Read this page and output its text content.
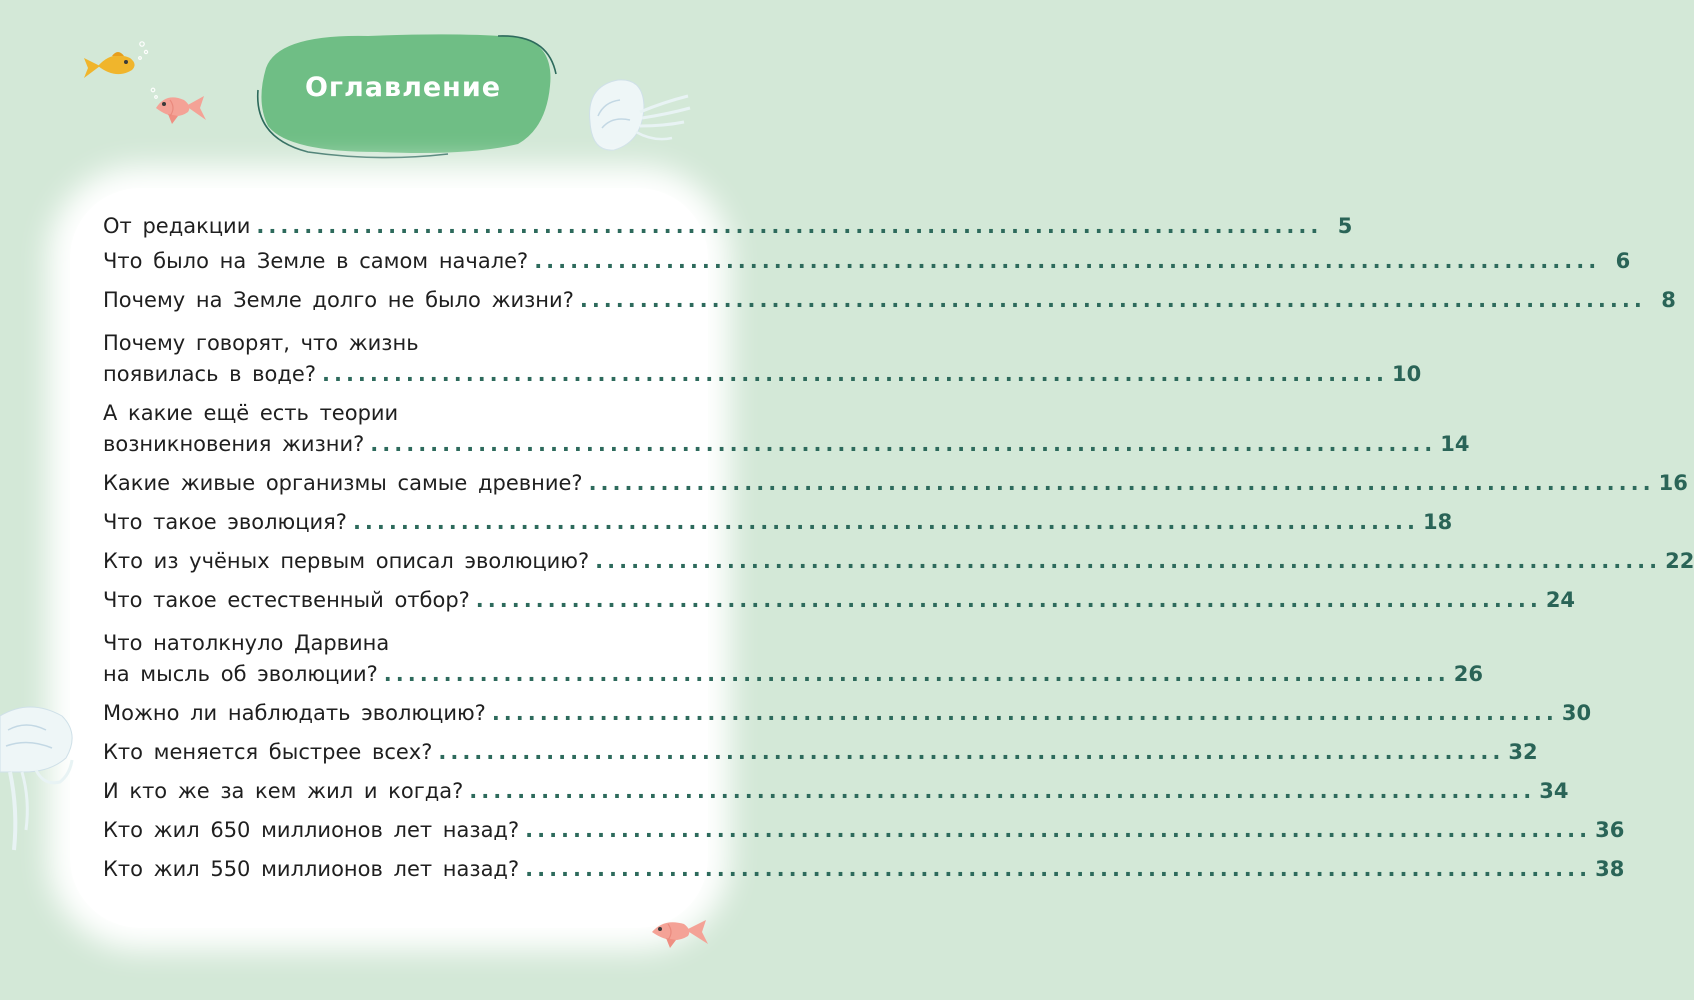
Оглавление
От редакции ......................................................................................... 5
Что было на Земле в самом начале? ......................................................................................... 6
Почему на Земле долго не было жизни? ......................................................................................... 8
Почему говорят, что жизнь
появилась в воде? ......................................................................................... 10
А какие ещё есть теории
возникновения жизни? ......................................................................................... 14
Какие живые организмы самые древние? ......................................................................................... 16
Что такое эволюция? ......................................................................................... 18
Кто из учёных первым описал эволюцию? ......................................................................................... 22
Что такое естественный отбор? ......................................................................................... 24
Что натолкнуло Дарвина
на мысль об эволюции? ......................................................................................... 26
Можно ли наблюдать эволюцию? ......................................................................................... 30
Кто меняется быстрее всех? ......................................................................................... 32
И кто же за кем жил и когда? ......................................................................................... 34
Кто жил 650 миллионов лет назад? ......................................................................................... 36
Кто жил 550 миллионов лет назад? ......................................................................................... 38
